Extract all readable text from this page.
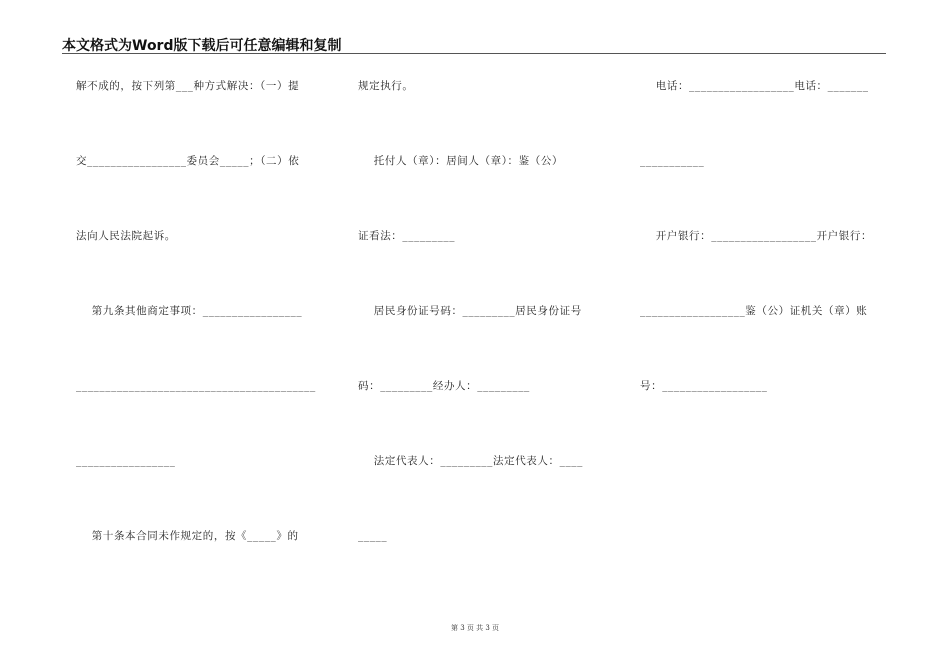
本文格式为Word版下载后可任意编辑和复制
解不成的，按下列第___种方式解决：（一）提
交_________________委员会_____；（二）依
法向人民法院起诉。
第九条其他商定事项：_________________
_________________________________________
_________________
第十条本合同未作规定的，按《_____》的
规定执行。
托付人（章）：居间人（章）：鉴（公）
证看法：_________
居民身份证号码：_________居民身份证号
码：_________经办人：_________
法定代表人：_________法定代表人：____
_____
电话：__________________电话：_______
___________
开户银行：__________________开户银行：
__________________鉴（公）证机关（章）账
号：__________________
第 3 页 共 3 页
